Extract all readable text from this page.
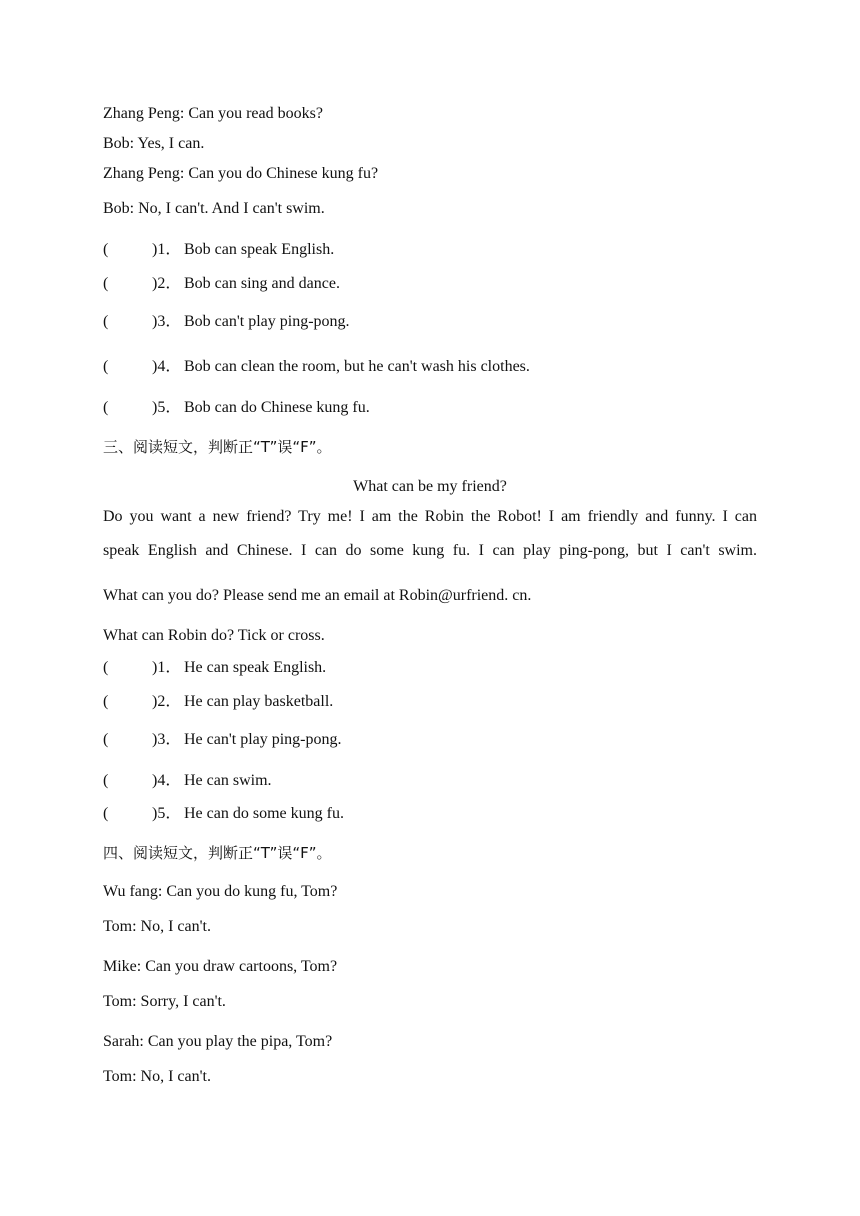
Zhang Peng: Can you read books?
Bob: Yes, I can.
Zhang Peng: Can you do Chinese kung fu?
Bob: No, I can't. And I can't swim.
(	)1． Bob can speak English.
(	)2． Bob can sing and dance.
(	)3． Bob can't play ping-pong.
(	)4． Bob can clean the room, but he can't wash his clothes.
(	)5． Bob can do Chinese kung fu.
三、阅读短文，判断正“T”误“F”。
What can be my friend?
Do you want a new friend? Try me! I am the Robin the Robot! I am friendly and funny. I can
speak English and Chinese. I can do some kung fu. I can play ping-pong, but I can't swim.
What can you do? Please send me an email at Robin@urfriend. cn.
What can Robin do? Tick or cross.
(	)1． He can speak English.
(	)2． He can play basketball.
(	)3． He can't play ping-pong.
(	)4． He can swim.
(	)5． He can do some kung fu.
四、阅读短文，判断正“T”误“F”。
Wu fang: Can you do kung fu, Tom?
Tom: No, I can't.
Mike: Can you draw cartoons, Tom?
Tom: Sorry, I can't.
Sarah: Can you play the pipa, Tom?
Tom: No, I can't.
